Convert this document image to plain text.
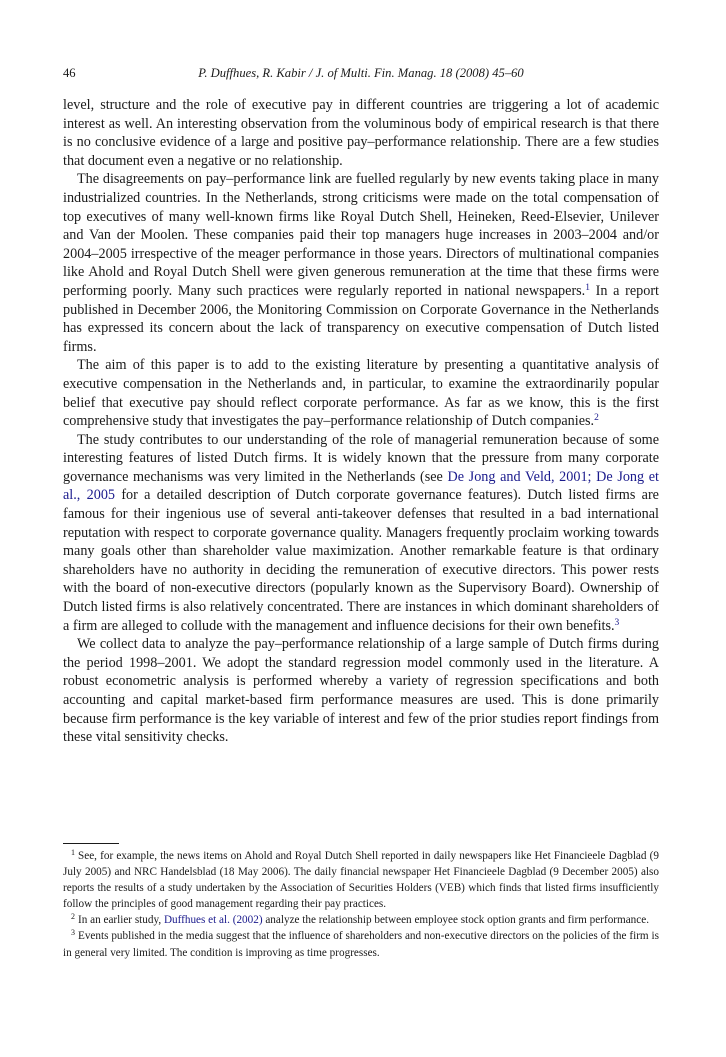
46	P. Duffhues, R. Kabir / J. of Multi. Fin. Manag. 18 (2008) 45–60

level, structure and the role of executive pay in different countries are triggering a lot of academic interest as well. An interesting observation from the voluminous body of empirical research is that there is no conclusive evidence of a large and positive pay–performance relationship. There are a few studies that document even a negative or no relationship.

The disagreements on pay–performance link are fuelled regularly by new events taking place in many industrialized countries. In the Netherlands, strong criticisms were made on the total compensation of top executives of many well-known firms like Royal Dutch Shell, Heineken, Reed-Elsevier, Unilever and Van der Moolen. These companies paid their top managers huge increases in 2003–2004 and/or 2004–2005 irrespective of the meager performance in those years. Directors of multinational companies like Ahold and Royal Dutch Shell were given generous remuneration at the time that these firms were performing poorly. Many such practices were regularly reported in national newspapers.$^1$ In a report published in December 2006, the Monitoring Commission on Corporate Governance in the Netherlands has expressed its concern about the lack of transparency on executive compensation of Dutch listed firms.

The aim of this paper is to add to the existing literature by presenting a quantitative analysis of executive compensation in the Netherlands and, in particular, to examine the extraordinarily popular belief that executive pay should reflect corporate performance. As far as we know, this is the first comprehensive study that investigates the pay–performance relationship of Dutch companies.$^2$

The study contributes to our understanding of the role of managerial remuneration because of some interesting features of listed Dutch firms. It is widely known that the pressure from many corporate governance mechanisms was very limited in the Netherlands (see De Jong and Veld, 2001; De Jong et al., 2005 for a detailed description of Dutch corporate governance features). Dutch listed firms are famous for their ingenious use of several anti-takeover defenses that resulted in a bad international reputation with respect to corporate governance quality. Managers frequently proclaim working towards many goals other than shareholder value maximization. Another remarkable feature is that ordinary shareholders have no authority in deciding the remuneration of executive directors. This power rests with the board of non-executive directors (popularly known as the Supervisory Board). Ownership of Dutch listed firms is also relatively concentrated. There are instances in which dominant shareholders of a firm are alleged to collude with the management and influence decisions for their own benefits.$^3$

We collect data to analyze the pay–performance relationship of a large sample of Dutch firms during the period 1998–2001. We adopt the standard regression model commonly used in the literature. A robust econometric analysis is performed whereby a variety of regression specifications and both accounting and capital market-based firm performance measures are used. This is done primarily because firm performance is the key variable of interest and few of the prior studies report findings from these vital sensitivity checks.

$^1$ See, for example, the news items on Ahold and Royal Dutch Shell reported in daily newspapers like Het Financieele Dagblad (9 July 2005) and NRC Handelsblad (18 May 2006). The daily financial newspaper Het Financieele Dagblad (9 December 2005) also reports the results of a study undertaken by the Association of Securities Holders (VEB) which finds that listed firms insufficiently follow the principles of good management regarding their pay practices.

$^2$ In an earlier study, Duffhues et al. (2002) analyze the relationship between employee stock option grants and firm performance.

$^3$ Events published in the media suggest that the influence of shareholders and non-executive directors on the policies of the firm is in general very limited. The condition is improving as time progresses.
